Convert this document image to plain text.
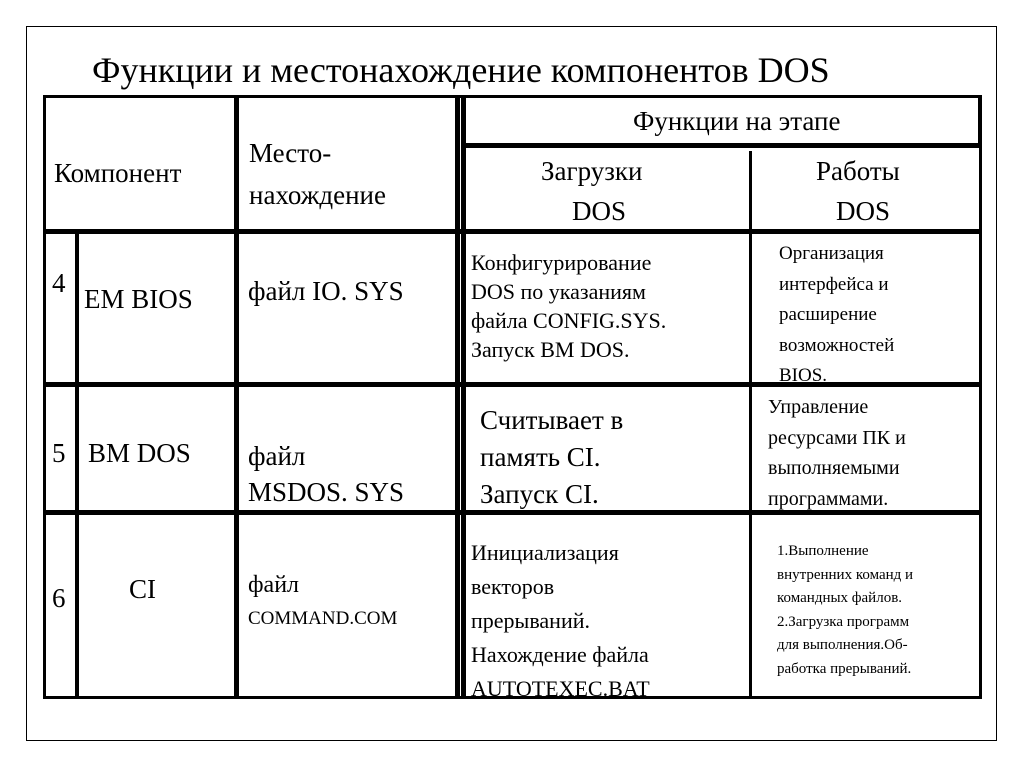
Функции и местонахождение компонентов DOS
Компонент
Место-
нахождение
Функции на этапе
Загрузки
DOS
Работы
DOS
4
EM BIOS файл IO. SYS
Конфигурирование
DOS по указаниям
файла CONFIG.SYS.
Запуск BM DOS.
Организация
интерфейса и
расширение
возможностей
BIOS.
5 BM DOS файл
MSDOS. SYS
Считывает в
память CI.
Запуск CI.
Управление
ресурсами ПК и
выполняемыми
программами.
6 CI	файл
COMMAND.COM
Инициализация
векторов
прерываний.
Нахождение файла
AUTOTEXEC.BAT
1.Выполнение
внутренних команд и
командных файлов.
2.Загрузка программ
для выполнения.Об-
работка прерываний.
